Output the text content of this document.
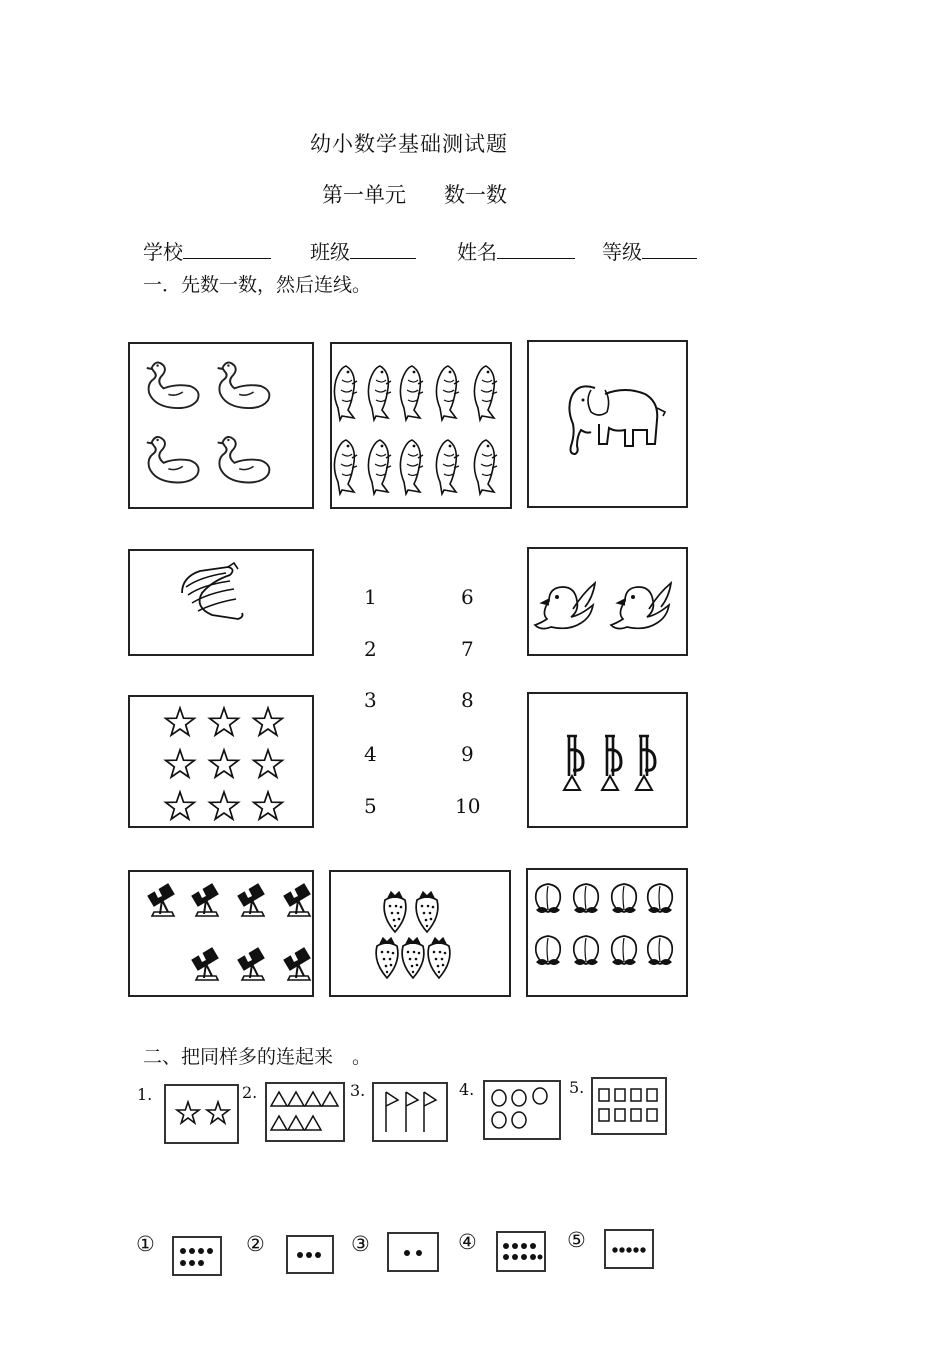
幼小数学基础测试题
第一单元 数一数
学校	班级	姓名	等级
一．先数一数，然后连线。
1
2
3
4
5
6
7
8
9
10
二、把同样多的连起来　。
1.	2.	3.	4.	5.
①	②	③	④	⑤
